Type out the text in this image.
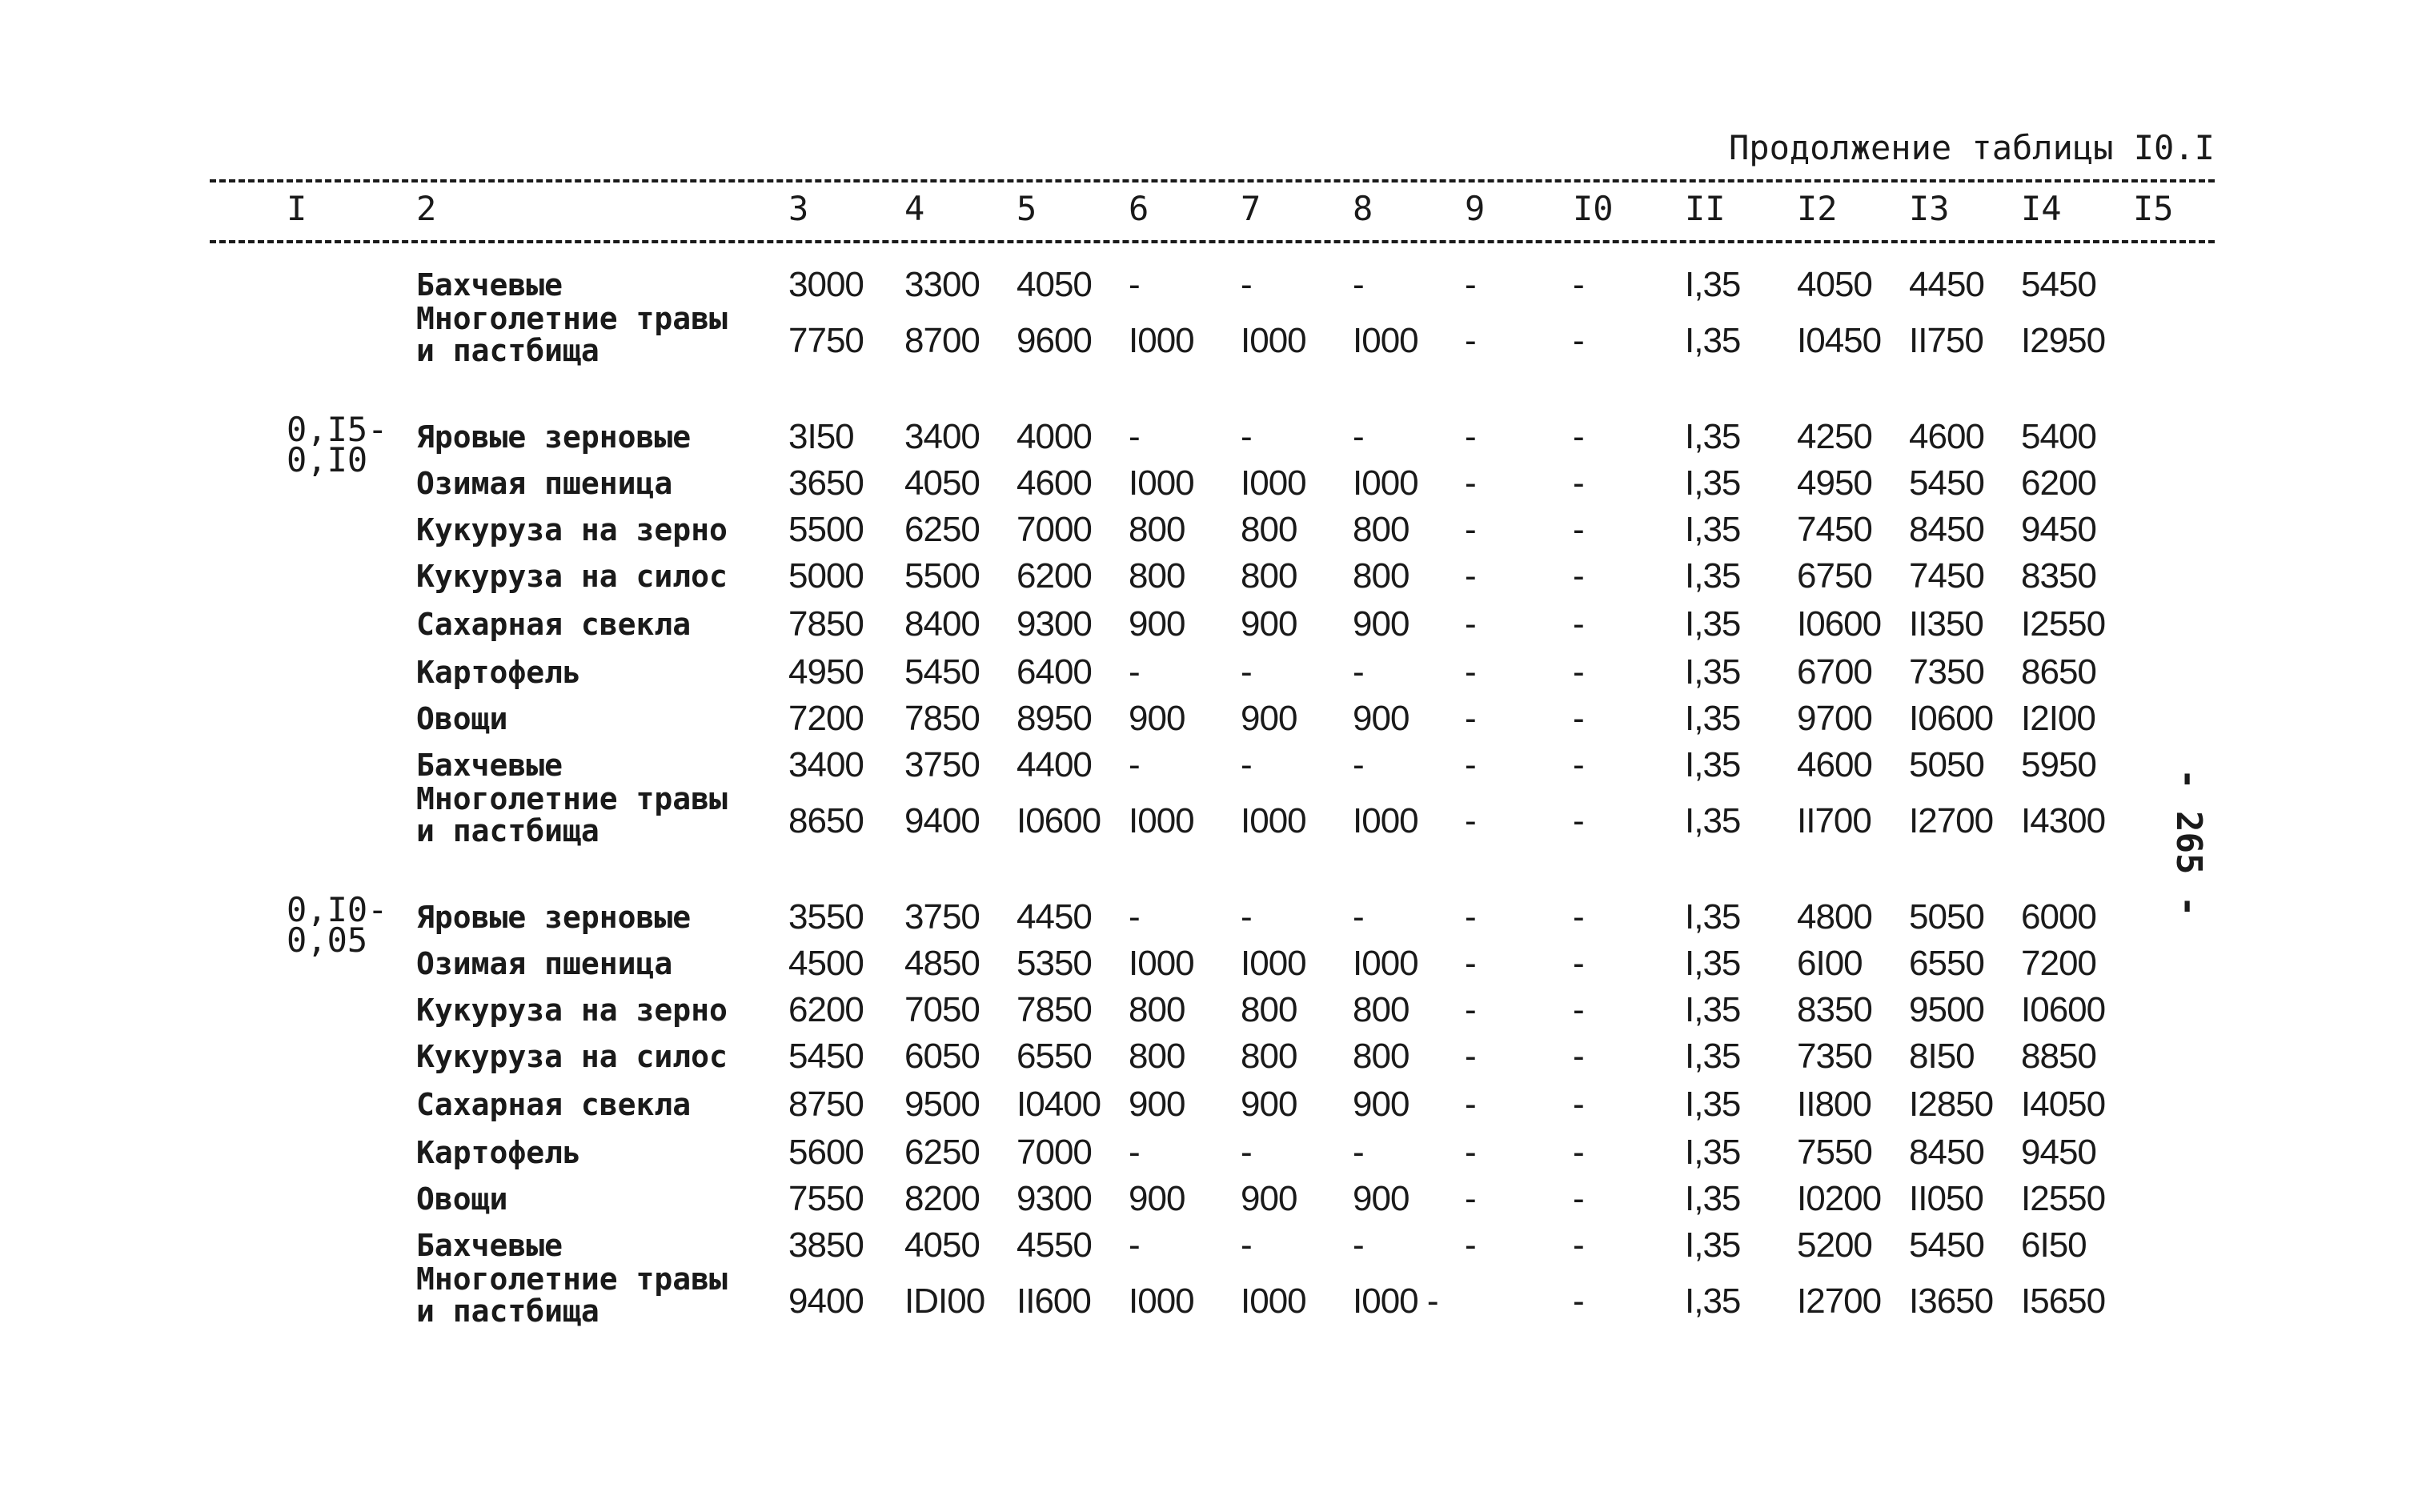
Продолжение таблицы I0.I
I	2	3	4	5	6	7	8	9	I0 II I2 I3 I4 I5
Бахчевые	3000 3300 4050 -	-	-	-	-	I,35 4050 4450 5450
Многолетние травы
и пастбища	7750 8700 9600 I000 I000 I000 -	-	I,35 I0450 II750 I2950
0,I5-
0,I0
Яровые зерновые	3I50 3400 4000 -	-	-	-	-	I,35 4250 4600 5400
Озимая пшеница	3650 4050 4600 I000 I000 I000 -	-	I,35 4950 5450 6200
Кукуруза на зерно 5500 6250 7000 800 800 800 -	-	I,35 7450 8450 9450
Кукуруза на силос 5000 5500 6200 800 800 800 -	-	I,35 6750 7450 8350
Сахарная свекла	7850 8400 9300 900 900 900 -	-	I,35 I0600 II350 I2550
Картофель	4950 5450 6400 -	-	-	-	-	I,35 6700 7350 8650
Овощи	7200 7850 8950 900 900 900 -	-	I,35 9700 I0600 I2I00
Бахчевые	3400 3750 4400 -	-	-	-	-	I,35 4600 5050 5950
Многолетние травы
и пастбища	8650 9400 I0600 I000 I000 I000 -	-	I,35 II700 I2700 I4300
0,I0-
0,05
Яровые зерновые	3550 3750 4450 -	-	-	-	-	I,35 4800 5050 6000
Озимая пшеница	4500 4850 5350 I000 I000 I000 -	-	I,35 6I00 6550 7200
Кукуруза на зерно 6200 7050 7850 800 800 800 -	-	I,35 8350 9500 I0600
Кукуруза на силос 5450 6050 6550 800 800 800 -	-	I,35 7350 8I50 8850
Сахарная свекла	8750 9500 I0400 900 900 900 -	-	I,35 II800 I2850 I4050
Картофель	5600 6250 7000 -	-	-	-	-	I,35 7550 8450 9450
Овощи	7550 8200 9300 900 900 900 -	-	I,35 I0200 II050 I2550
Бахчевые	3850 4050 4550 -	-	-	-	-	I,35 5200 5450 6I50
Многолетние травы
и пастбища	9400 IDI00 II600 I000 I000 I000 -	-	I,35 I2700 I3650 I5650
- 265 -
